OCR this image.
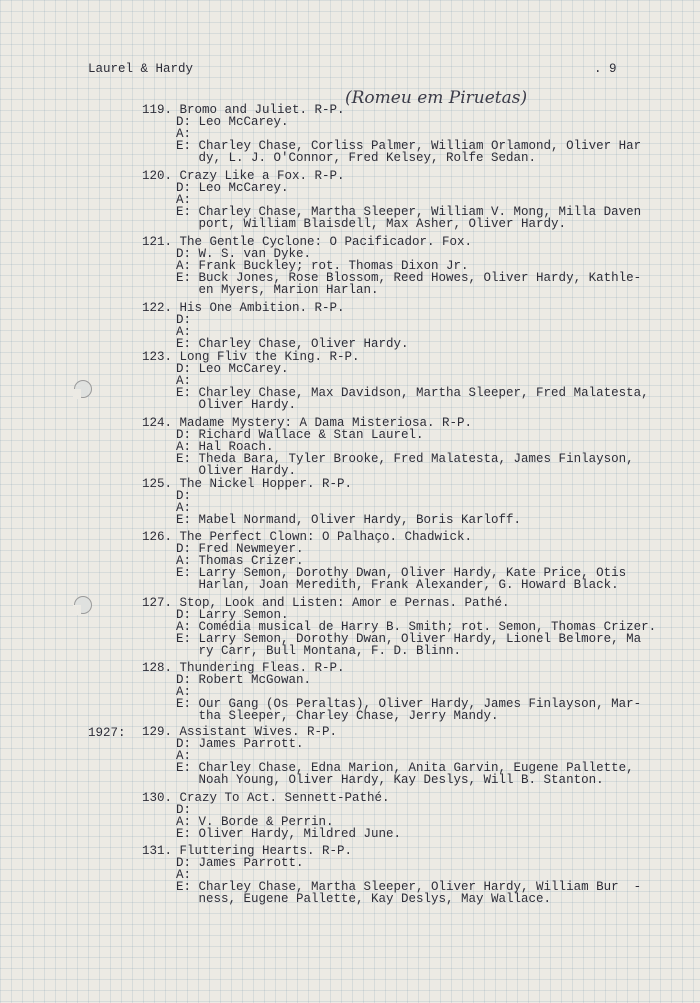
Laurel & Hardy	. 9
(Romeu em Piruetas)
1927:
119. Bromo and Juliet. R-P.
D: Leo McCarey.
A:
E: Charley Chase, Corliss Palmer, William Orlamond, Oliver Har
dy, L. J. O'Connor, Fred Kelsey, Rolfe Sedan.
120. Crazy Like a Fox. R-P.
D: Leo McCarey.
A:
E: Charley Chase, Martha Sleeper, William V. Mong, Milla Daven
port, William Blaisdell, Max Asher, Oliver Hardy.
121. The Gentle Cyclone: O Pacificador. Fox.
D: W. S. van Dyke.
A: Frank Buckley; rot. Thomas Dixon Jr.
E: Buck Jones, Rose Blossom, Reed Howes, Oliver Hardy, Kathle-
en Myers, Marion Harlan.
122. His One Ambition. R-P.
D:
A:
E: Charley Chase, Oliver Hardy.
123. Long Fliv the King. R-P.
D: Leo McCarey.
A:
E: Charley Chase, Max Davidson, Martha Sleeper, Fred Malatesta,
Oliver Hardy.
124. Madame Mystery: A Dama Misteriosa. R-P.
D: Richard Wallace & Stan Laurel.
A: Hal Roach.
E: Theda Bara, Tyler Brooke, Fred Malatesta, James Finlayson,
Oliver Hardy.
125. The Nickel Hopper. R-P.
D:
A:
E: Mabel Normand, Oliver Hardy, Boris Karloff.
126. The Perfect Clown: O Palhaço. Chadwick.
D: Fred Newmeyer.
A: Thomas Crizer.
E: Larry Semon, Dorothy Dwan, Oliver Hardy, Kate Price, Otis
Harlan, Joan Meredith, Frank Alexander, G. Howard Black.
127. Stop, Look and Listen: Amor e Pernas. Pathé.
D: Larry Semon.
A: Comédia musical de Harry B. Smith; rot. Semon, Thomas Crizer.
E: Larry Semon, Dorothy Dwan, Oliver Hardy, Lionel Belmore, Ma
ry Carr, Bull Montana, F. D. Blinn.
128. Thundering Fleas. R-P.
D: Robert McGowan.
A:
E: Our Gang (Os Peraltas), Oliver Hardy, James Finlayson, Mar-
tha Sleeper, Charley Chase, Jerry Mandy.
129. Assistant Wives. R-P.
D: James Parrott.
A:
E: Charley Chase, Edna Marion, Anita Garvin, Eugene Pallette,
Noah Young, Oliver Hardy, Kay Deslys, Will B. Stanton.
130. Crazy To Act. Sennett-Pathé.
D:
A: V. Borde & Perrin.
E: Oliver Hardy, Mildred June.
131. Fluttering Hearts. R-P.
D: James Parrott.
A:
E: Charley Chase, Martha Sleeper, Oliver Hardy, William Bur  -
ness, Eugene Pallette, Kay Deslys, May Wallace.
